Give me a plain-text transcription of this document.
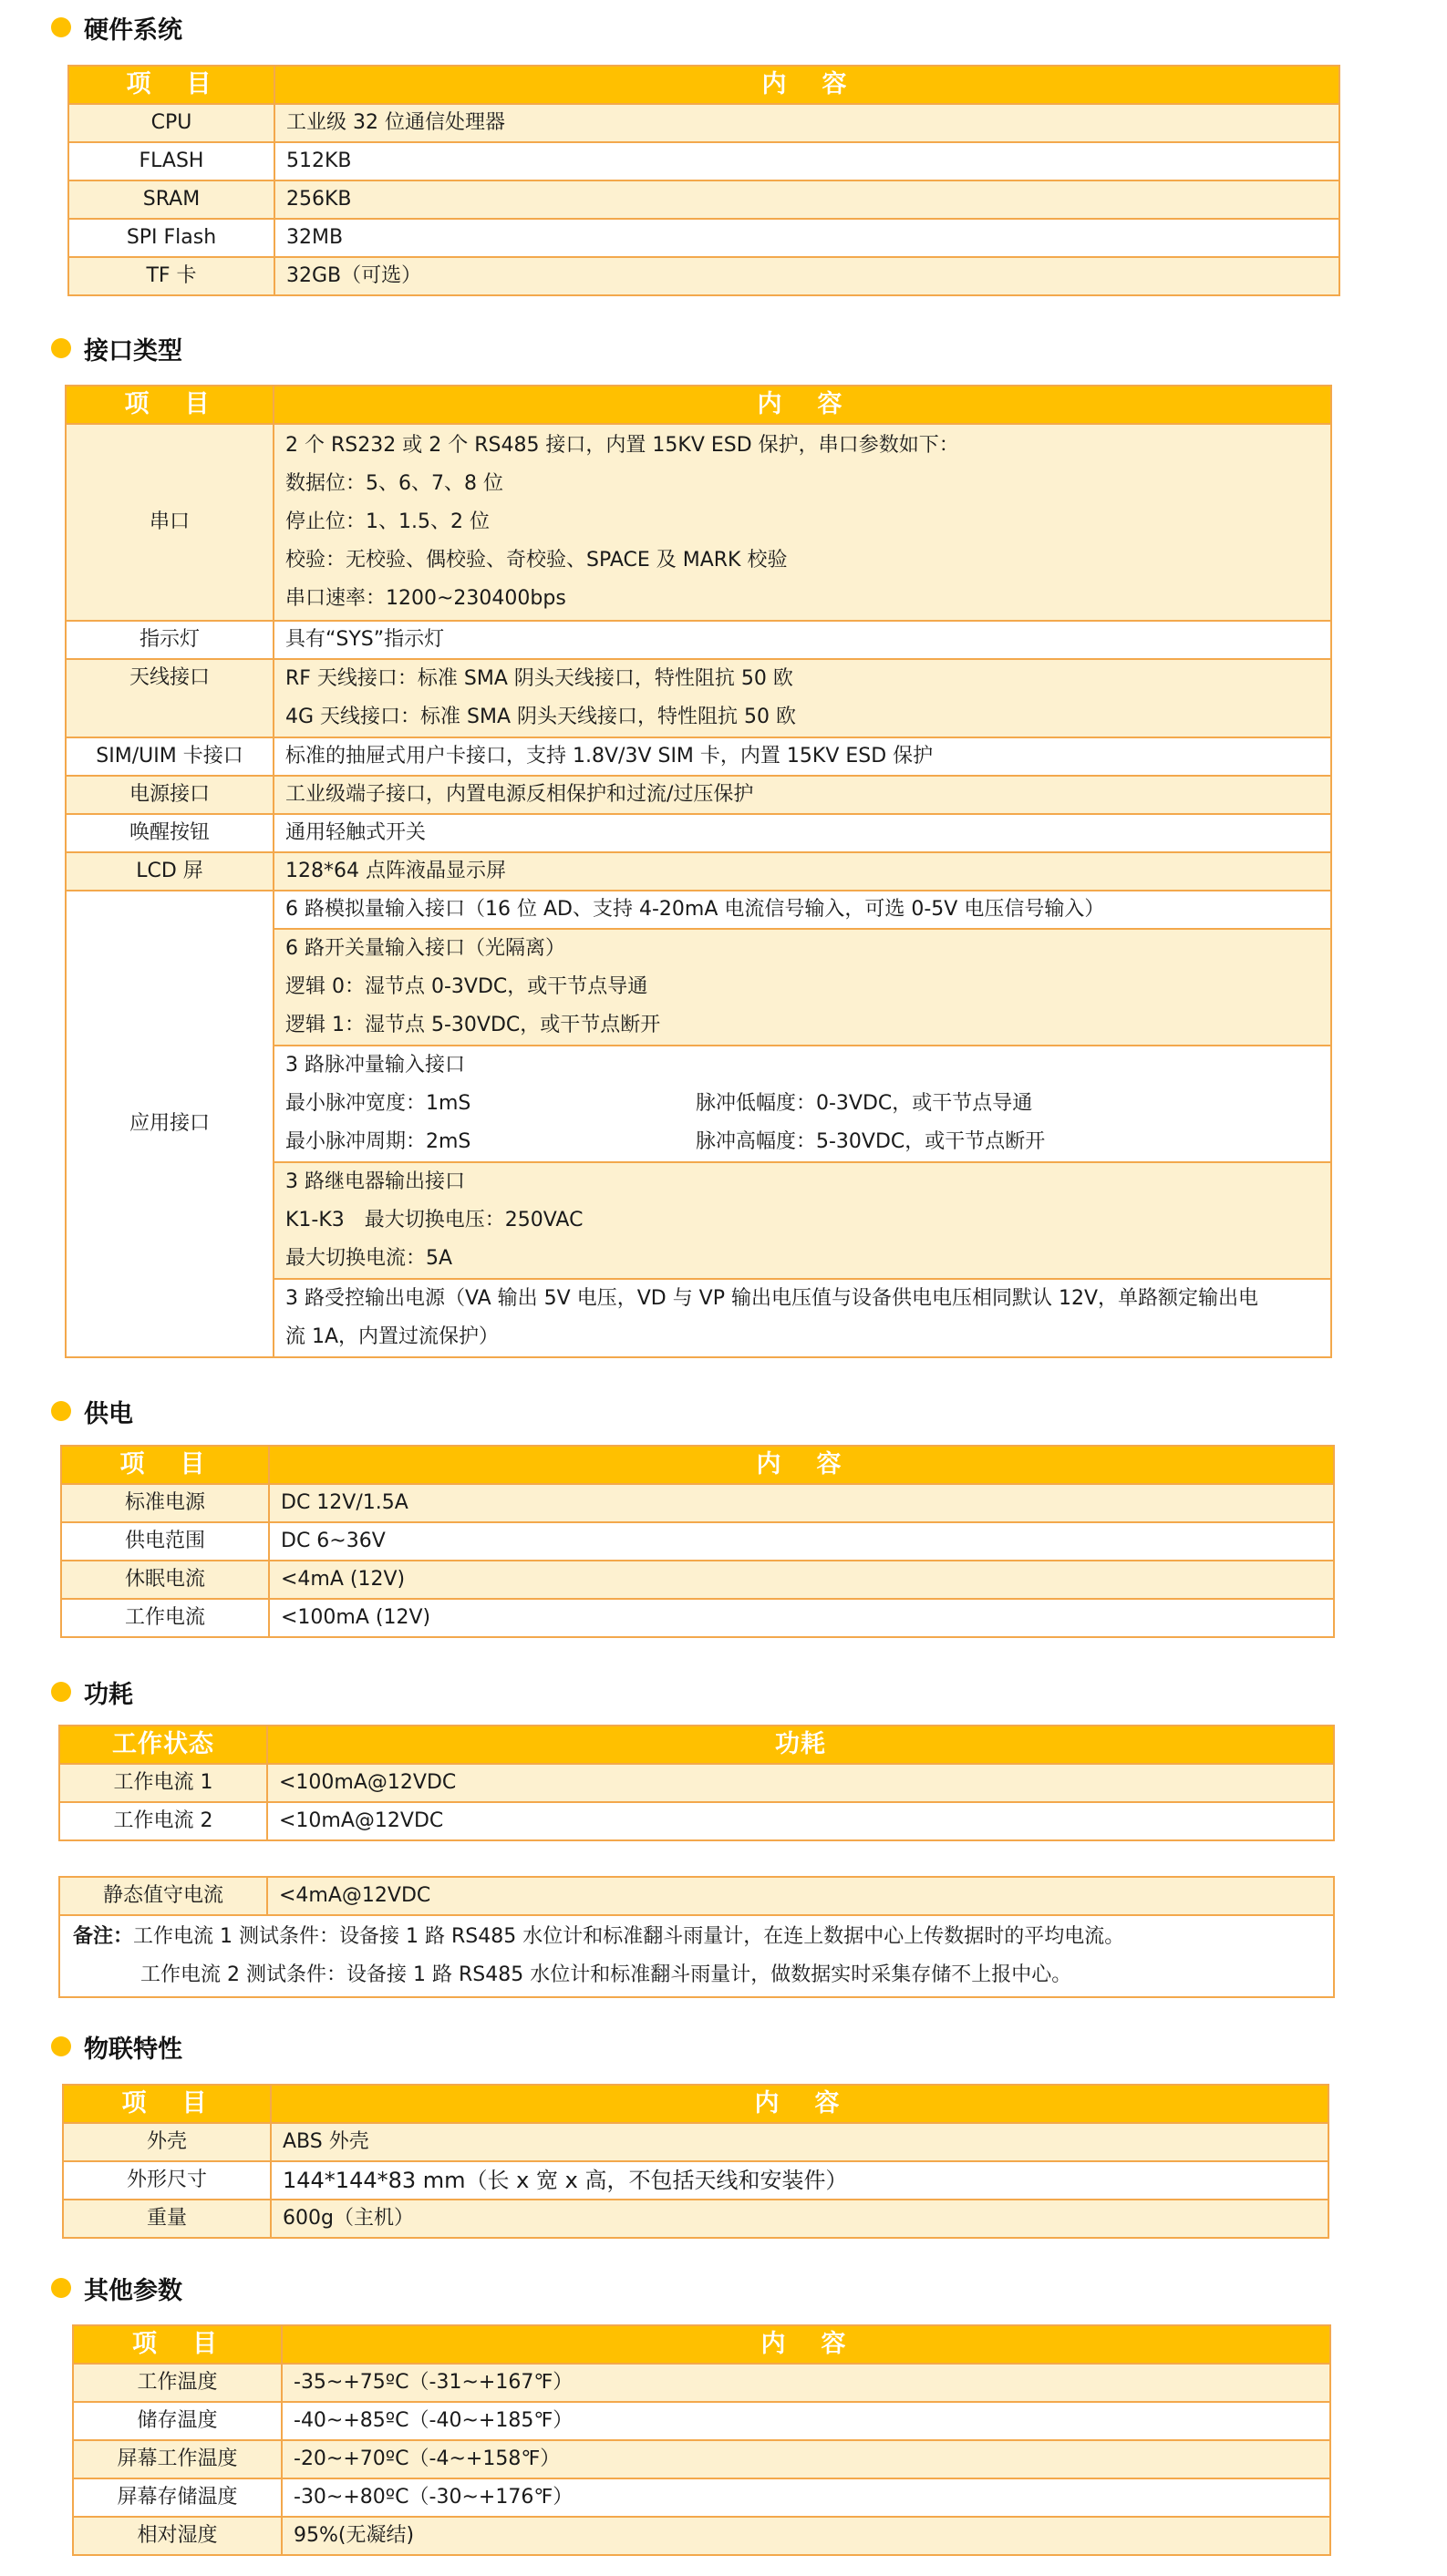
硬件系统
项　目	内　容
CPU	工业级 32 位通信处理器
FLASH	512KB
SRAM	256KB
SPI Flash	32MB
TF 卡	32GB（可选）
接口类型
项　目	内　容
串口	2 个 RS232 或 2 个 RS485 接口，内置 15KV ESD 保护，串口参数如下：
数据位：5、6、7、8 位
停止位：1、1.5、2 位
校验：无校验、偶校验、奇校验、SPACE 及 MARK 校验
串口速率：1200~230400bps

指示灯	具有“SYS”指示灯
天线接口	RF 天线接口：标准 SMA 阴头天线接口，特性阻抗 50 欧
4G 天线接口：标准 SMA 阴头天线接口，特性阻抗 50 欧

SIM/UIM 卡接口	标准的抽屉式用户卡接口，支持 1.8V/3V SIM 卡，内置 15KV ESD 保护
电源接口	工业级端子接口，内置电源反相保护和过流/过压保护
唤醒按钮	通用轻触式开关
LCD 屏	128*64 点阵液晶显示屏
应用接口	6 路模拟量输入接口（16 位 AD、支持 4-20mA 电流信号输入，可选 0-5V 电压信号输入）

	6 路开关量输入接口（光隔离）
逻辑 0：湿节点 0-3VDC，或干节点导通
逻辑 1：湿节点 5-30VDC，或干节点断开

	3 路脉冲量输入接口
最小脉冲宽度：1mS 脉冲低幅度：0-3VDC，或干节点导通
最小脉冲周期：2mS 脉冲高幅度：5-30VDC，或干节点断开

	3 路继电器输出接口
K1-K3　最大切换电压：250VAC
最大切换电流：5A

	3 路受控输出电源（VA 输出 5V 电压，VD 与 VP 输出电压值与设备供电电压相同默认 12V，单路额定输出电
流 1A，内置过流保护）
供电
项　目	内　容
标准电源	DC 12V/1.5A
供电范围	DC 6~36V
休眠电流	<4mA (12V)
工作电流	<100mA (12V)
功耗
工作状态	功耗
工作电流 1	<100mA@12VDC
工作电流 2	<10mA@12VDC
静态值守电流	<4mA@12VDC

备注：工作电流 1 测试条件：设备接 1 路 RS485 水位计和标准翻斗雨量计，在连上数据中心上传数据时的平均电流。
工作电流 2 测试条件：设备接 1 路 RS485 水位计和标准翻斗雨量计，做数据实时采集存储不上报中心。
物联特性
项　目	内　容
外壳	ABS 外壳
外形尺寸	144*144*83 mm（长 x 宽 x 高，不包括天线和安装件）
重量	600g（主机）
其他参数
项　目	内　容
工作温度	-35~+75ºC（-31~+167℉）
储存温度	-40~+85ºC（-40~+185℉）
屏幕工作温度	-20~+70ºC（-4~+158℉）
屏幕存储温度	-30~+80ºC（-30~+176℉）
相对湿度	95%(无凝结)
